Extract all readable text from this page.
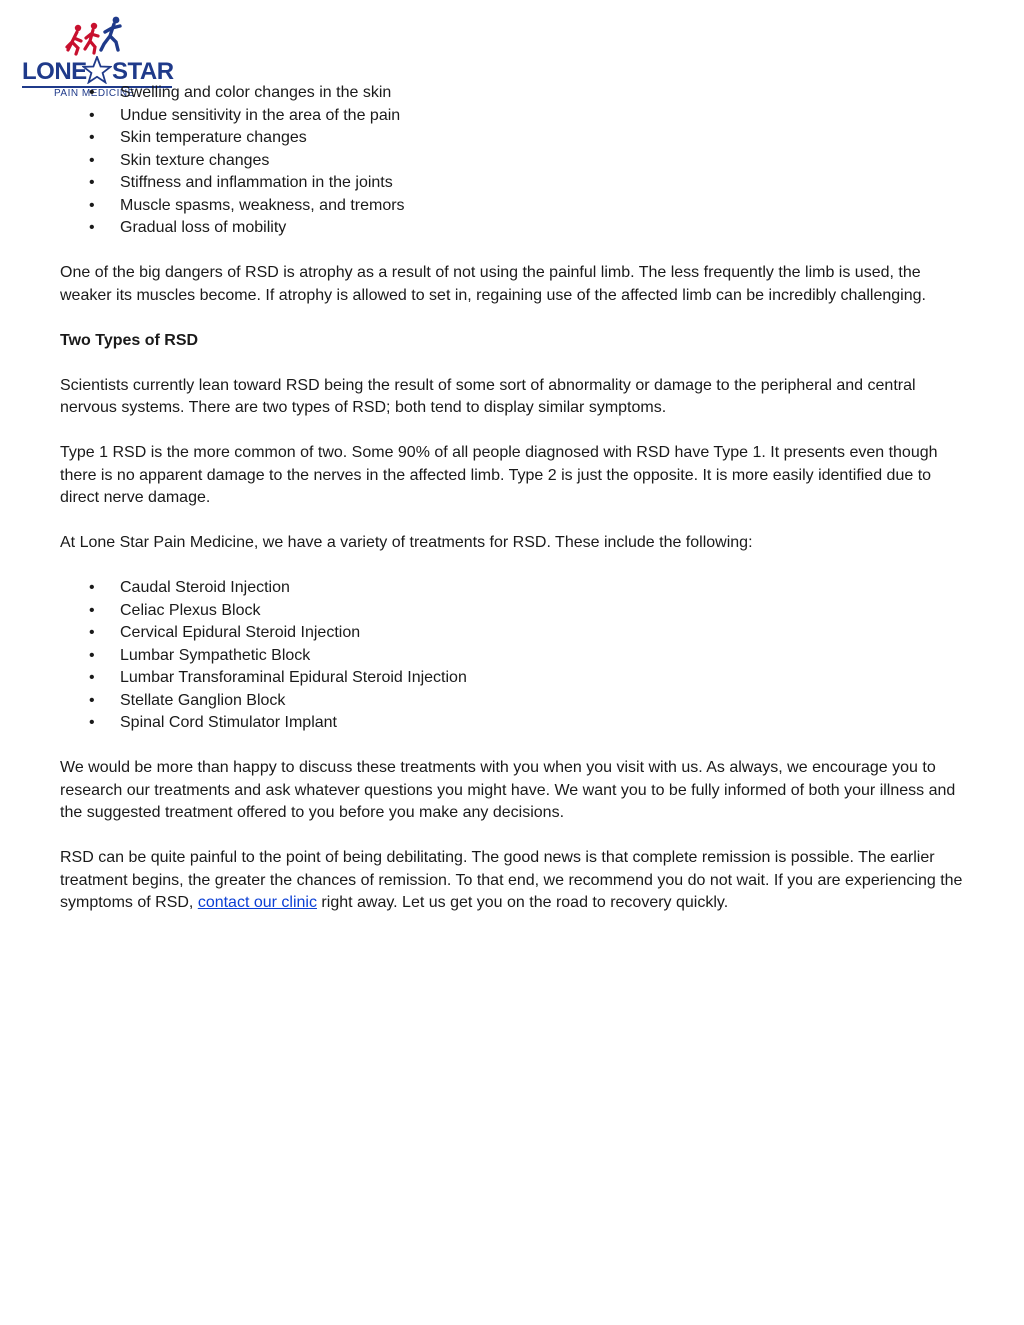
LONE STAR
PAIN MEDICINE
• Swelling and color changes in the skin
• Undue sensitivity in the area of the pain
• Skin temperature changes
• Skin texture changes
• Stiffness and inflammation in the joints
• Muscle spasms, weakness, and tremors
• Gradual loss of mobility

One of the big dangers of RSD is atrophy as a result of not using the painful limb. The less frequently the limb is used, the weaker its muscles become. If atrophy is allowed to set in, regaining use of the affected limb can be incredibly challenging.

Two Types of RSD

Scientists currently lean toward RSD being the result of some sort of abnormality or damage to the peripheral and central nervous systems. There are two types of RSD; both tend to display similar symptoms.

Type 1 RSD is the more common of two. Some 90% of all people diagnosed with RSD have Type 1. It presents even though there is no apparent damage to the nerves in the affected limb. Type 2 is just the opposite. It is more easily identified due to direct nerve damage.

At Lone Star Pain Medicine, we have a variety of treatments for RSD. These include the following:

• Caudal Steroid Injection
• Celiac Plexus Block
• Cervical Epidural Steroid Injection
• Lumbar Sympathetic Block
• Lumbar Transforaminal Epidural Steroid Injection
• Stellate Ganglion Block
• Spinal Cord Stimulator Implant

We would be more than happy to discuss these treatments with you when you visit with us. As always, we encourage you to research our treatments and ask whatever questions you might have. We want you to be fully informed of both your illness and the suggested treatment offered to you before you make any decisions.

RSD can be quite painful to the point of being debilitating. The good news is that complete remission is possible. The earlier treatment begins, the greater the chances of remission. To that end, we recommend you do not wait. If you are experiencing the symptoms of RSD, contact our clinic right away. Let us get you on the road to recovery quickly.
